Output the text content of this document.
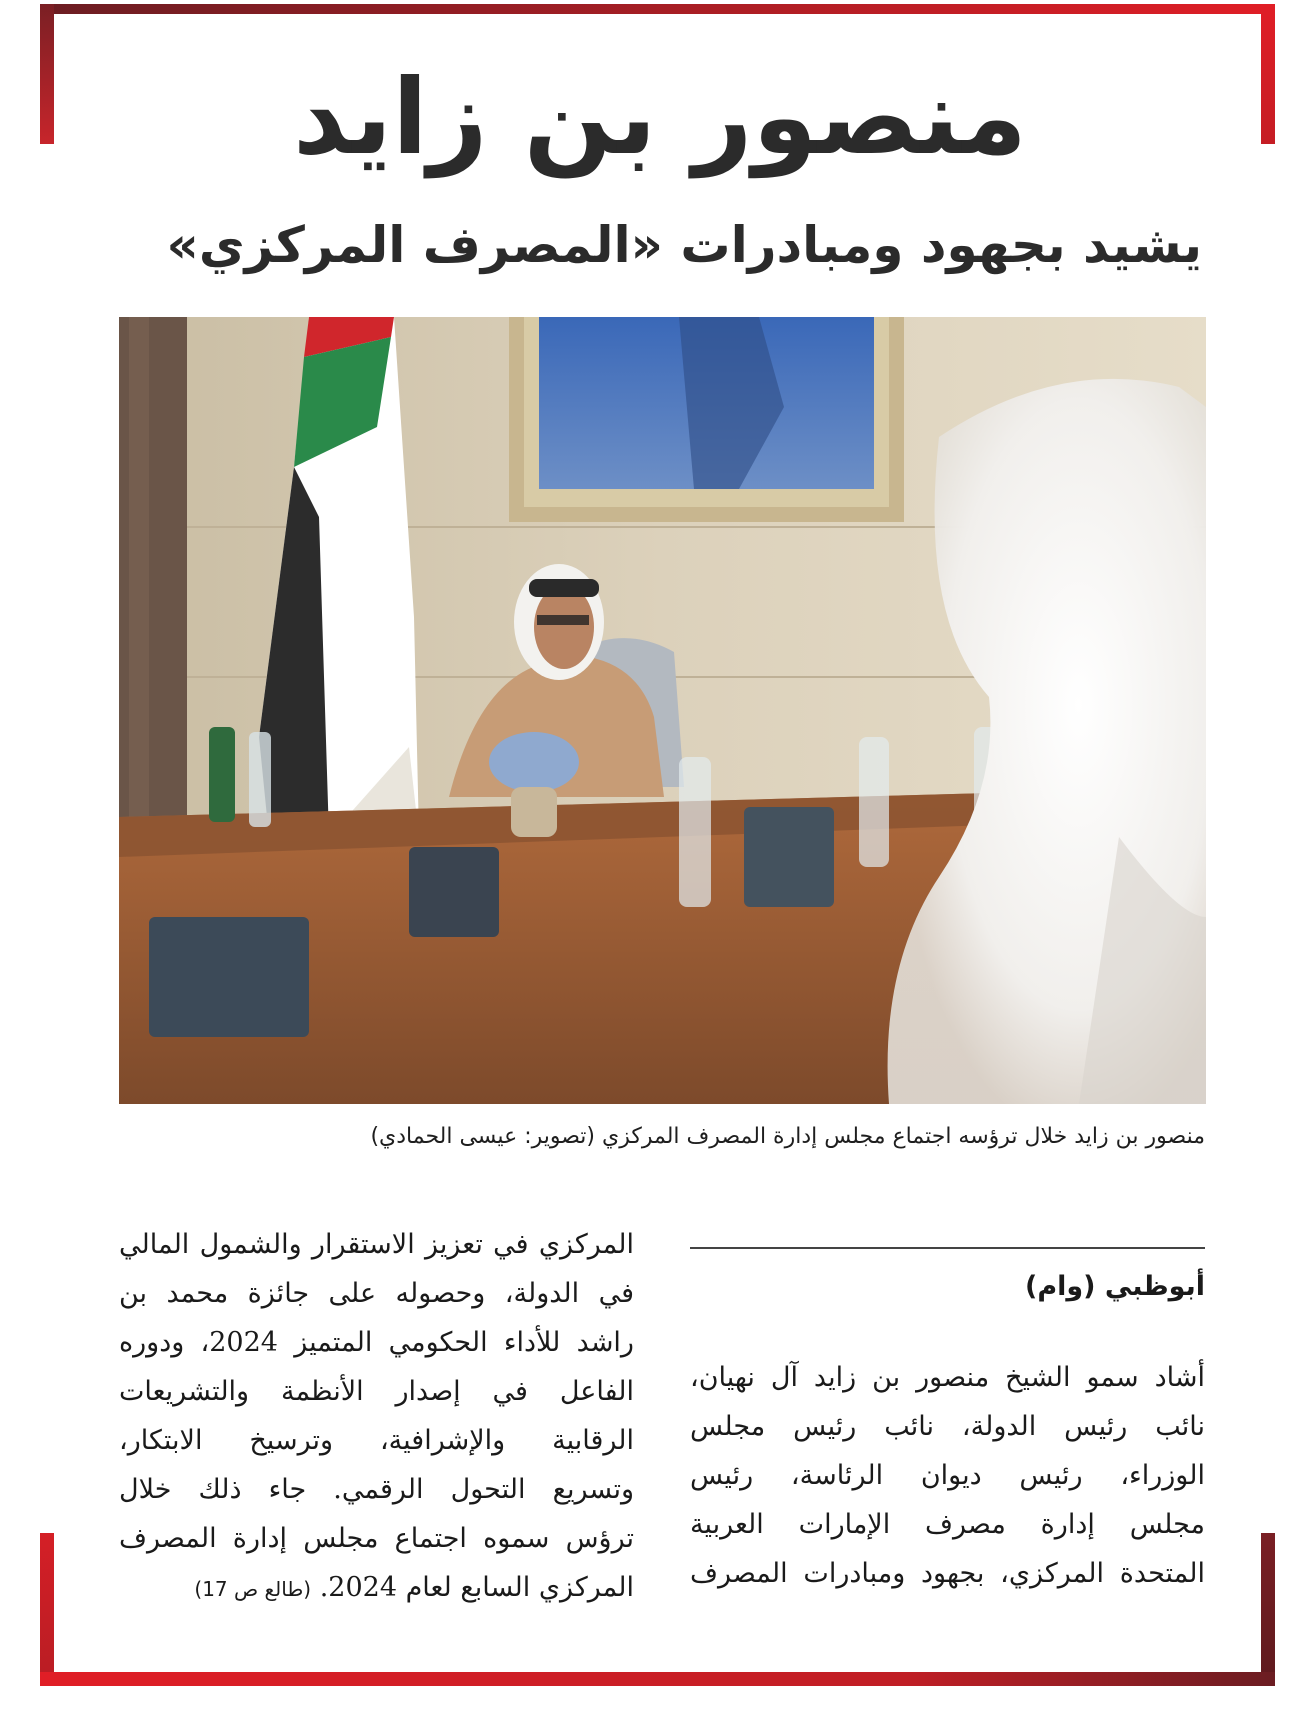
منصور بن زايد
يشيد بجهود ومبادرات «المصرف المركزي»
منصور بن زايد خلال ترؤسه اجتماع مجلس إدارة المصرف المركزي (تصوير: عيسى الحمادي)
أبوظبي (وام)
أشاد سمو الشيخ منصور بن زايد آل نهيان،
نائب رئيس الدولة، نائب رئيس مجلس
الوزراء، رئيس ديوان الرئاسة، رئيس
مجلس إدارة مصرف الإمارات العربية
المتحدة المركزي، بجهود ومبادرات المصرف
المركزي في تعزيز الاستقرار والشمول المالي
في الدولة، وحصوله على جائزة محمد بن
راشد للأداء الحكومي المتميز 2024، ودوره
الفاعل في إصدار الأنظمة والتشريعات
الرقابية والإشرافية، وترسيخ الابتكار،
وتسريع التحول الرقمي. جاء ذلك خلال
ترؤس سموه اجتماع مجلس إدارة المصرف
المركزي السابع لعام 2024. (طالع ص 17)
